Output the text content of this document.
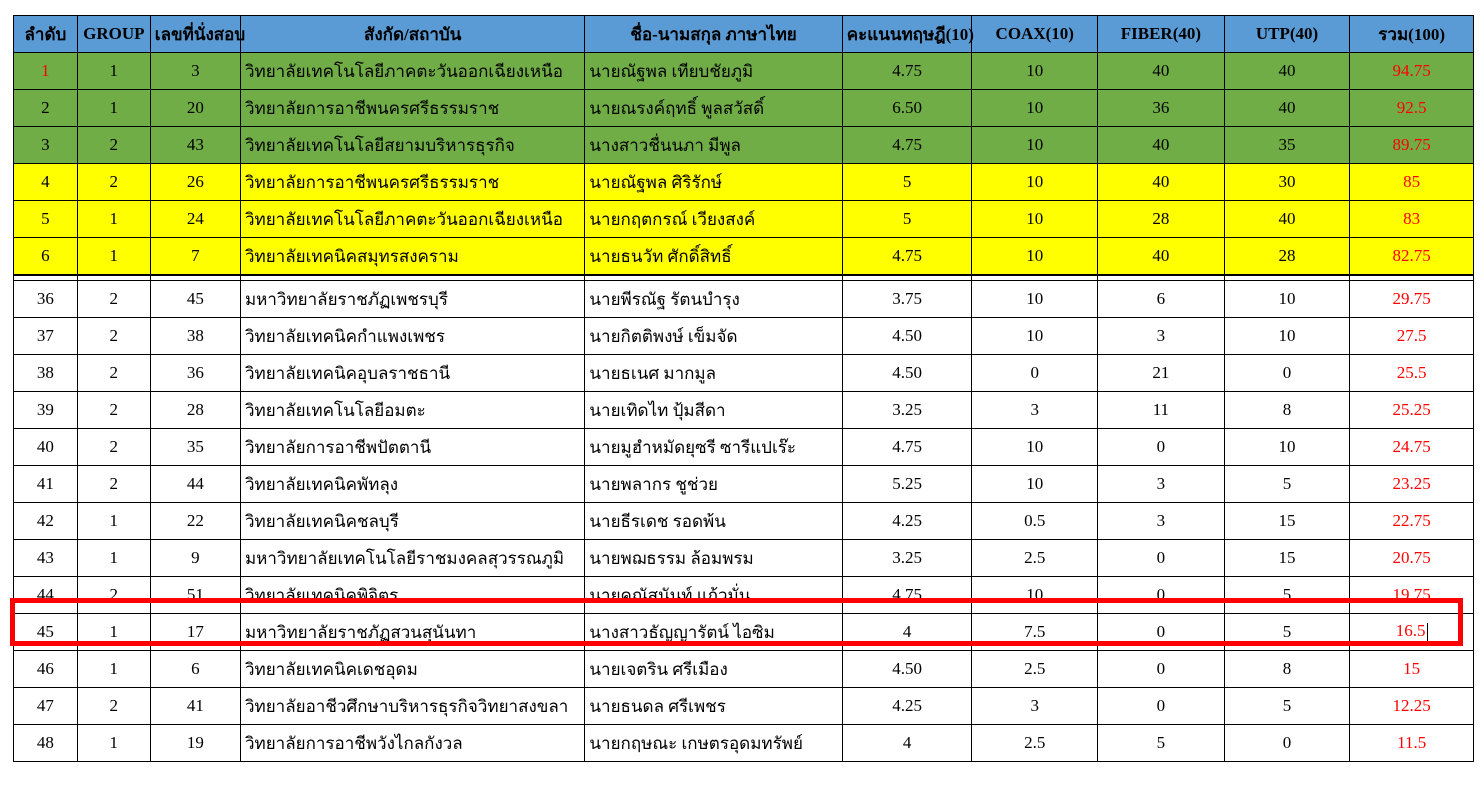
ลำดับ	GROUP	เลขที่นั่งสอบ	สังกัด/สถาบัน	ชื่อ-นามสกุล ภาษาไทย	คะแนนทฤษฎี(10)	COAX(10)	FIBER(40)	UTP(40)	รวม(100)
1	1	3	วิทยาลัยเทคโนโลยีภาคตะวันออกเฉียงเหนือ	นายณัฐพล เทียบชัยภูมิ	4.75	10	40	40	94.75
2	1	20	วิทยาลัยการอาชีพนครศรีธรรมราช	นายณรงค์ฤทธิ์ พูลสวัสดิ์	6.50	10	36	40	92.5
3	2	43	วิทยาลัยเทคโนโลยีสยามบริหารธุรกิจ	นางสาวชื่นนภา มีพูล	4.75	10	40	35	89.75
4	2	26	วิทยาลัยการอาชีพนครศรีธรรมราช	นายณัฐพล ศิริรักษ์	5	10	40	30	85
5	1	24	วิทยาลัยเทคโนโลยีภาคตะวันออกเฉียงเหนือ	นายกฤตกรณ์ เวียงสงค์	5	10	28	40	83
6	1	7	วิทยาลัยเทคนิคสมุทรสงคราม	นายธนวัท ศักดิ์สิทธิ์	4.75	10	40	28	82.75

36	2	45	มหาวิทยาลัยราชภัฏเพชรบุรี	นายพีรณัฐ รัตนบำรุง	3.75	10	6	10	29.75
37	2	38	วิทยาลัยเทคนิคกำแพงเพชร	นายกิตติพงษ์ เข็มจัด	4.50	10	3	10	27.5
38	2	36	วิทยาลัยเทคนิคอุบลราชธานี	นายธเนศ มากมูล	4.50	0	21	0	25.5
39	2	28	วิทยาลัยเทคโนโลยีอมตะ	นายเทิดไท ปุ้มสีดา	3.25	3	11	8	25.25
40	2	35	วิทยาลัยการอาชีพปัตตานี	นายมูฮำหมัดยุซรี ซารีแปเร๊ะ	4.75	10	0	10	24.75
41	2	44	วิทยาลัยเทคนิคพัทลุง	นายพลากร ชูช่วย	5.25	10	3	5	23.25
42	1	22	วิทยาลัยเทคนิคชลบุรี	นายธีรเดช รอดพ้น	4.25	0.5	3	15	22.75
43	1	9	มหาวิทยาลัยเทคโนโลยีราชมงคลสุวรรณภูมิ	นายพฌธรรม ล้อมพรม	3.25	2.5	0	15	20.75
44	2	51	วิทยาลัยเทคนิคพิจิตร	นายคณัสนันท์ แก้วมั่น	4.75	10	0	5	19.75
45	1	17	มหาวิทยาลัยราชภัฏสวนสุนันทา	นางสาวธัญญารัตน์ ไอซิม	4	7.5	0	5	16.5
46	1	6	วิทยาลัยเทคนิคเดชอุดม	นายเจตริน ศรีเมือง	4.50	2.5	0	8	15
47	2	41	วิทยาลัยอาชีวศึกษาบริหารธุรกิจวิทยาสงขลา	นายธนดล ศรีเพชร	4.25	3	0	5	12.25
48	1	19	วิทยาลัยการอาชีพวังไกลกังวล	นายกฤษณะ เกษตรอุดมทรัพย์	4	2.5	5	0	11.5
